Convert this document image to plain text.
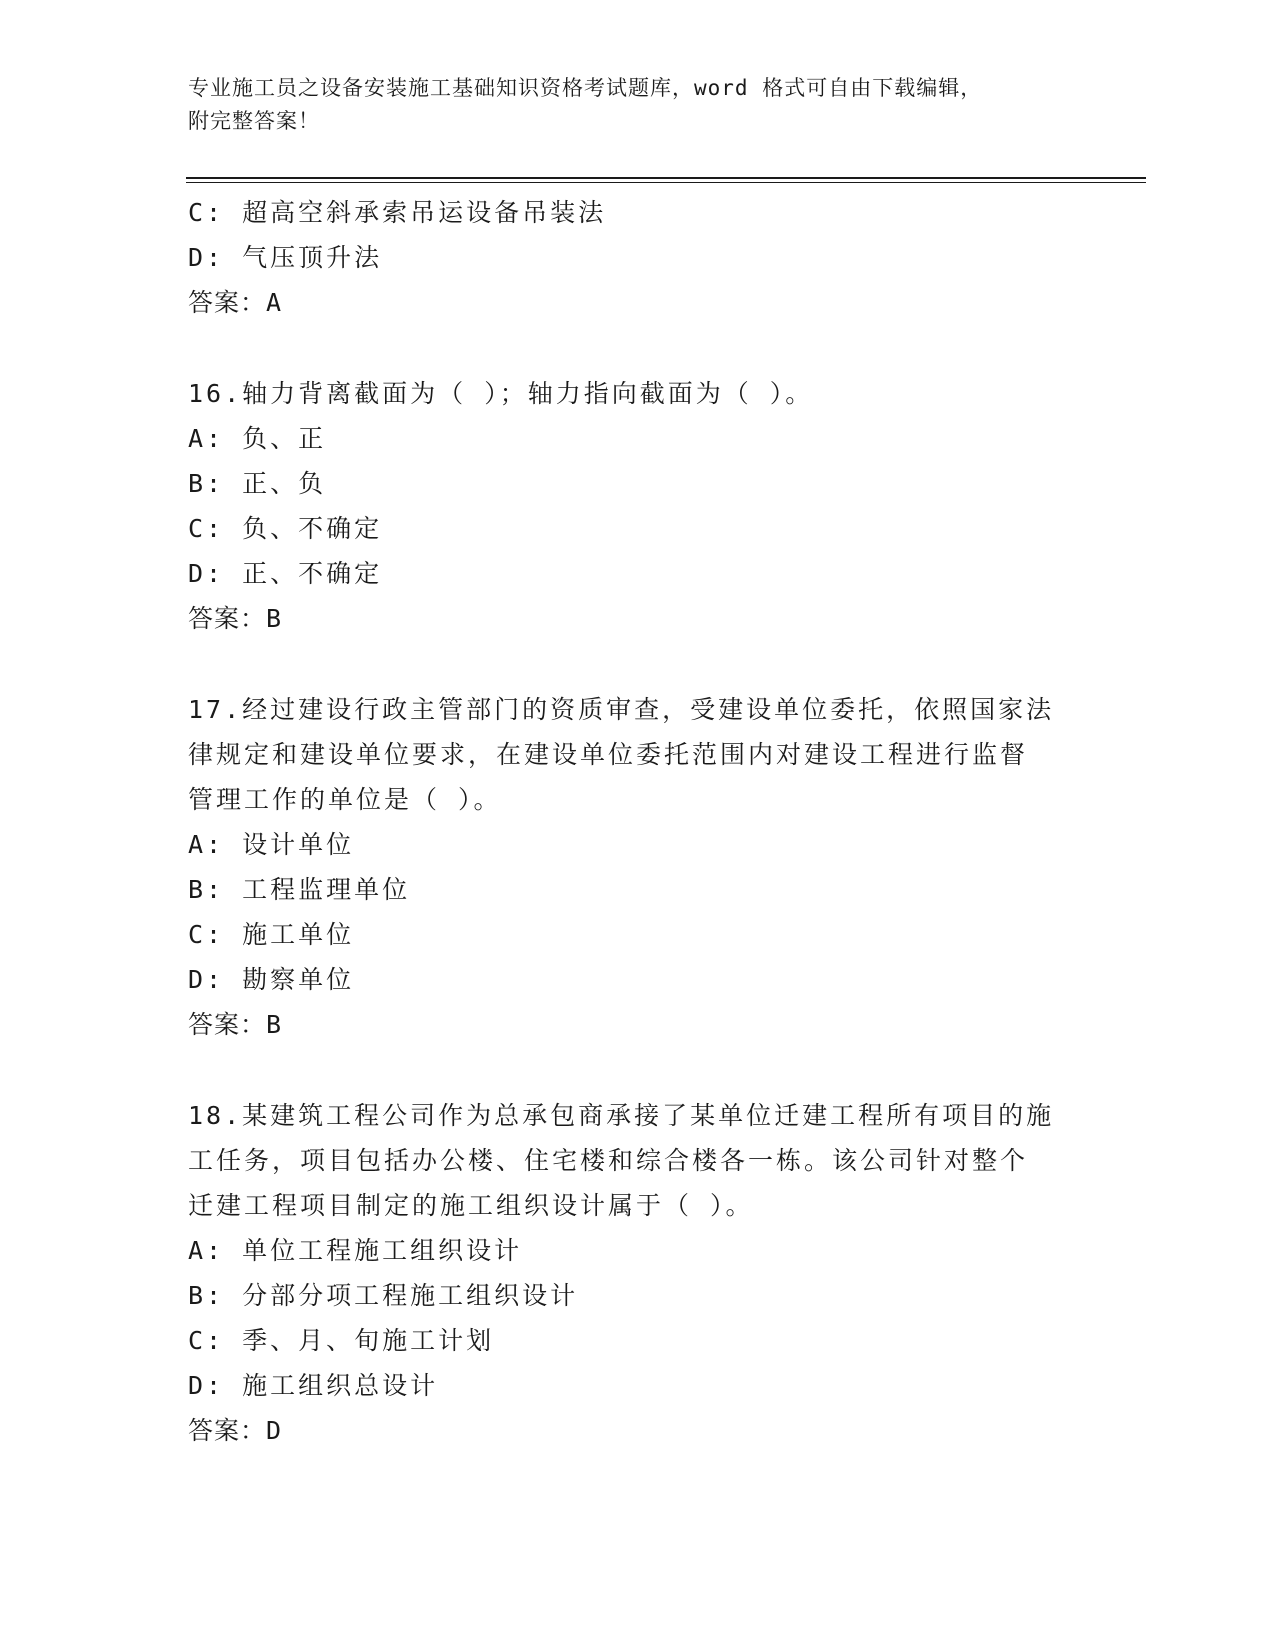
专业施工员之设备安装施工基础知识资格考试题库，word 格式可自由下载编辑，
附完整答案！
C: 超高空斜承索吊运设备吊装法
D: 气压顶升法
答案：A
16.轴力背离截面为（ ）；轴力指向截面为（ ）。
A: 负、正
B: 正、负
C: 负、不确定
D: 正、不确定
答案：B
17.经过建设行政主管部门的资质审查，受建设单位委托，依照国家法
律规定和建设单位要求，在建设单位委托范围内对建设工程进行监督
管理工作的单位是（ ）。
A: 设计单位
B: 工程监理单位
C: 施工单位
D: 勘察单位
答案：B
18.某建筑工程公司作为总承包商承接了某单位迁建工程所有项目的施
工任务，项目包括办公楼、住宅楼和综合楼各一栋。该公司针对整个
迁建工程项目制定的施工组织设计属于（ ）。
A: 单位工程施工组织设计
B: 分部分项工程施工组织设计
C: 季、月、旬施工计划
D: 施工组织总设计
答案：D
